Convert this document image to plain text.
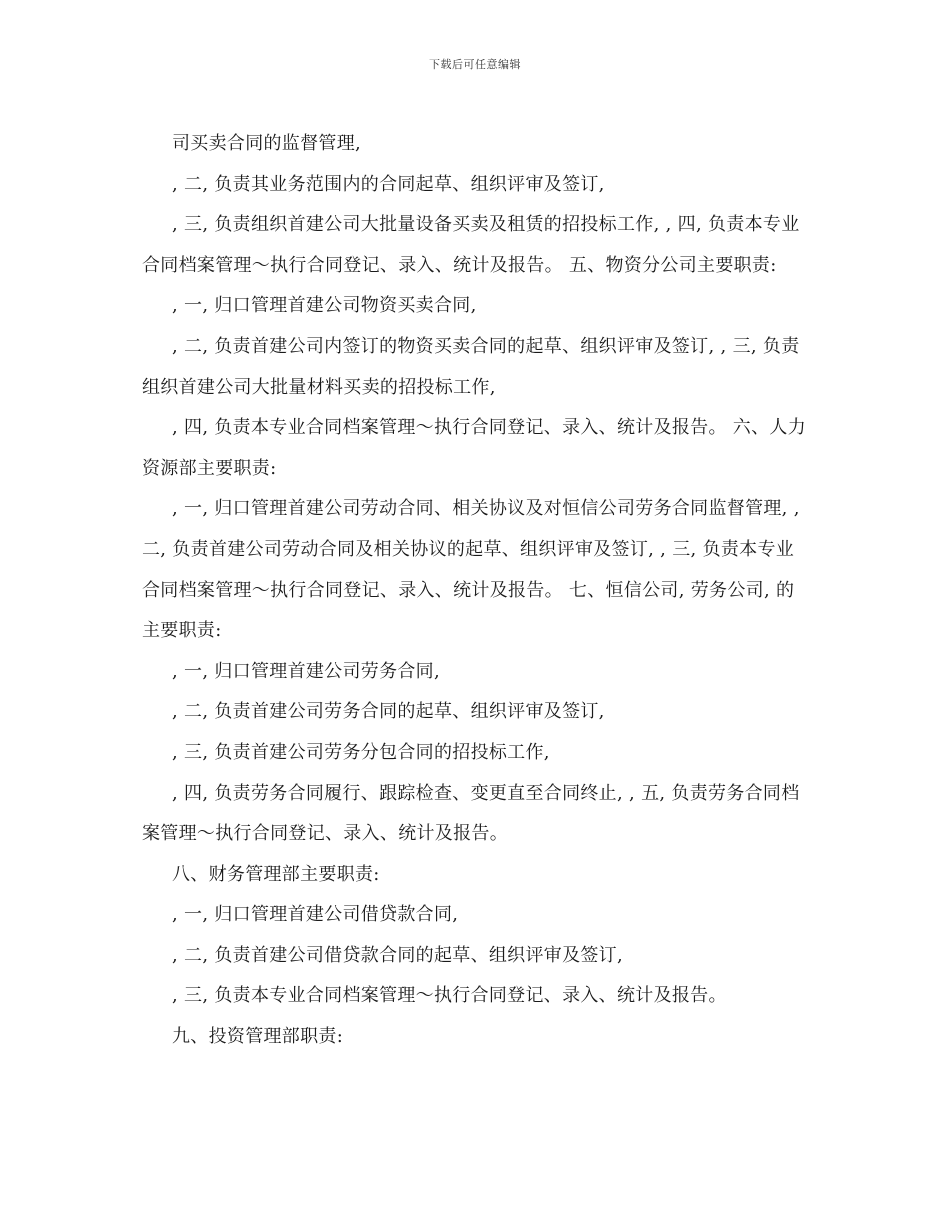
下载后可任意编辑

司买卖合同的监督管理,

, 二, 负责其业务范围内的合同起草、组织评审及签订,

, 三, 负责组织首建公司大批量设备买卖及租赁的招投标工作, , 四, 负责本专业合同档案管理～执行合同登记、录入、统计及报告。 五、物资分公司主要职责:

, 一, 归口管理首建公司物资买卖合同,

, 二, 负责首建公司内签订的物资买卖合同的起草、组织评审及签订, , 三, 负责组织首建公司大批量材料买卖的招投标工作,

, 四, 负责本专业合同档案管理～执行合同登记、录入、统计及报告。 六、人力资源部主要职责:

, 一, 归口管理首建公司劳动合同、相关协议及对恒信公司劳务合同监督管理, , 二, 负责首建公司劳动合同及相关协议的起草、组织评审及签订, , 三, 负责本专业合同档案管理～执行合同登记、录入、统计及报告。 七、恒信公司, 劳务公司, 的主要职责:

, 一, 归口管理首建公司劳务合同,

, 二, 负责首建公司劳务合同的起草、组织评审及签订,

, 三, 负责首建公司劳务分包合同的招投标工作,

, 四, 负责劳务合同履行、跟踪检查、变更直至合同终止, , 五, 负责劳务合同档案管理～执行合同登记、录入、统计及报告。

八、财务管理部主要职责:

, 一, 归口管理首建公司借贷款合同,

, 二, 负责首建公司借贷款合同的起草、组织评审及签订,

, 三, 负责本专业合同档案管理～执行合同登记、录入、统计及报告。

九、投资管理部职责:
